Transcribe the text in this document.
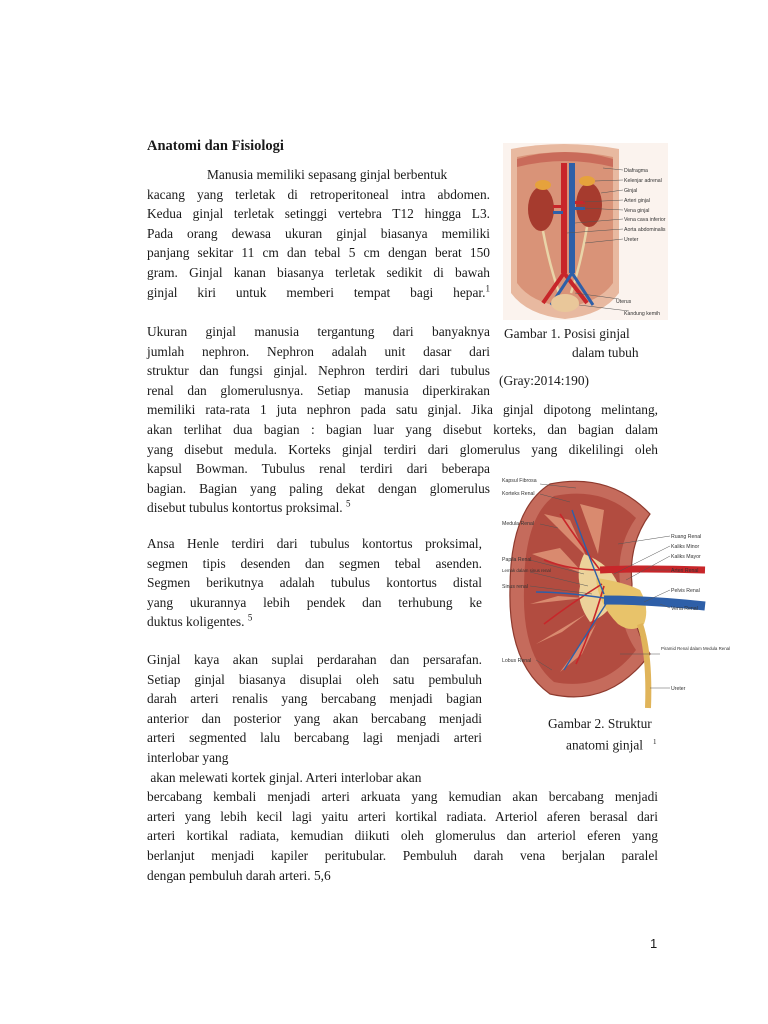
Anatomi dan Fisiologi
Manusia memiliki sepasang ginjal berbentuk
kacang yang terletak di retroperitoneal intra abdomen.
Kedua ginjal terletak setinggi vertebra T12 hingga L3.
Pada orang dewasa ukuran ginjal biasanya memiliki
panjang sekitar 11 cm dan tebal 5 cm dengan berat 150
gram. Ginjal kanan biasanya terletak sedikit di bawah
ginjal kiri untuk memberi tempat bagi hepar.$^1$
Ukuran ginjal manusia tergantung dari banyaknya
jumlah nephron. Nephron adalah unit dasar dari
struktur dan fungsi ginjal. Nephron terdiri dari tubulus
renal dan glomerulusnya. Setiap manusia diperkirakan
memiliki rata-rata 1 juta nephron pada satu ginjal. Jika ginjal dipotong melintang,
akan terlihat dua bagian : bagian luar yang disebut korteks, dan bagian dalam
yang disebut medula. Korteks ginjal terdiri dari glomerulus yang dikelilingi oleh
kapsul Bowman. Tubulus renal terdiri dari beberapa
bagian. Bagian yang paling dekat dengan glomerulus
disebut tubulus kontortus proksimal. $^5$
Ansa Henle terdiri dari tubulus kontortus proksimal,
segmen tipis desenden dan segmen tebal asenden.
Segmen berikutnya adalah tubulus kontortus distal
yang ukurannya lebih pendek dan terhubung ke
duktus koligentes. $^5$
Ginjal kaya akan suplai perdarahan dan persarafan.
Setiap ginjal biasanya disuplai oleh satu pembuluh
darah arteri renalis yang bercabang menjadi bagian
anterior dan posterior yang akan bercabang menjadi
arteri segmented lalu bercabang lagi menjadi arteri
interlobar yang
akan melewati kortek ginjal. Arteri interlobar akan
bercabang kembali menjadi arteri arkuata yang kemudian akan bercabang menjadi
arteri yang lebih kecil lagi yaitu arteri kortikal radiata. Arteriol aferen berasal dari
arteri kortikal radiata, kemudian diikuti oleh glomerulus dan arteriol eferen yang
berlanjut menjadi kapiler peritubular. Pembuluh darah vena berjalan paralel
dengan pembuluh darah arteri. 5,6
Diafragma
Kelenjar adrenal
Ginjal
Arteri ginjal
Vena ginjal
Vena cava inferior
Aorta abdominalis
Ureter
Uterus
Kandung kemih
Gambar 1. Posisi ginjal
dalam tubuh
(Gray:2014:190)
Kapsul Fibrosa
Korteks Renal
Medula Renal
Papila Renal
Lemak dalam sinus renal
Sinus renal
Lobus Renal
Ruang Renal
Kaliks Minor
Kaliks Mayor
Arteri Renal
Pelvis Renal
Vena Renal
Piramid Renal dalam Medula Renal
Ureter
Gambar 2. Struktur
anatomi ginjal $^1$
1
